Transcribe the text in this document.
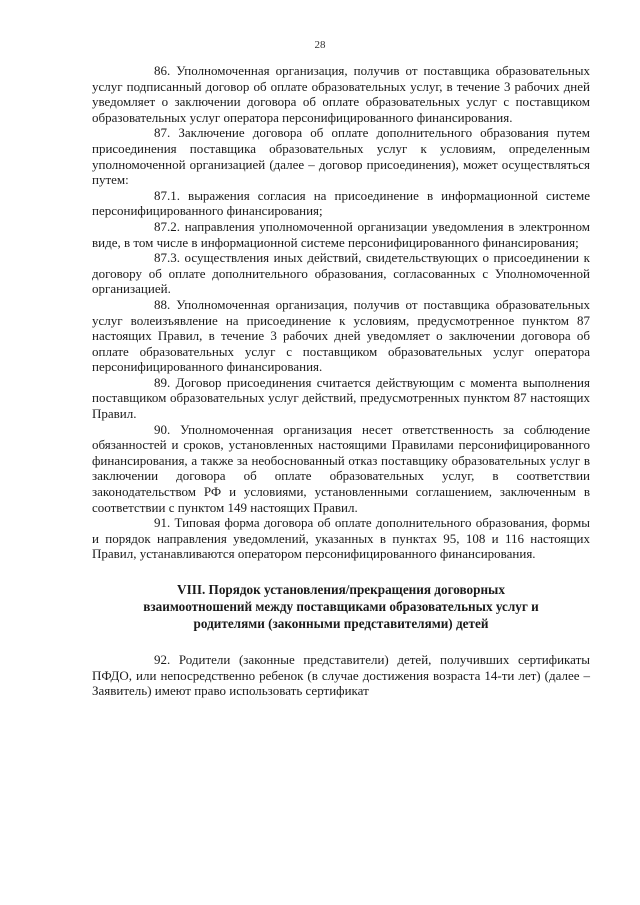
28

86. Уполномоченная организация, получив от поставщика образовательных услуг подписанный договор об оплате образовательных услуг, в течение 3 рабочих дней уведомляет о заключении договора об оплате образовательных услуг с поставщиком образовательных услуг оператора персонифицированного финансирования.

87. Заключение договора об оплате дополнительного образования путем присоединения поставщика образовательных услуг к условиям, определенным уполномоченной организацией (далее – договор присоединения), может осуществляться путем:

87.1. выражения согласия на присоединение в информационной системе персонифицированного финансирования;

87.2. направления уполномоченной организации уведомления в электронном виде, в том числе в информационной системе персонифицированного финансирования;

87.3. осуществления иных действий, свидетельствующих о присоединении к договору об оплате дополнительного образования, согласованных с Уполномоченной организацией.

88. Уполномоченная организация, получив от поставщика образовательных услуг волеизъявление на присоединение к условиям, предусмотренное пунктом 87 настоящих Правил, в течение 3 рабочих дней уведомляет о заключении договора об оплате образовательных услуг с поставщиком образовательных услуг оператора персонифицированного финансирования.

89. Договор присоединения считается действующим с момента выполнения поставщиком образовательных услуг действий, предусмотренных пунктом 87 настоящих Правил.

90. Уполномоченная организация несет ответственность за соблюдение обязанностей и сроков, установленных настоящими Правилами персонифицированного финансирования, а также за необоснованный отказ поставщику образовательных услуг в заключении договора об оплате образовательных услуг, в соответствии законодательством РФ и условиями, установленными соглашением, заключенным в соответствии с пунктом 149 настоящих Правил.

91. Типовая форма договора об оплате дополнительного образования, формы и порядок направления уведомлений, указанных в пунктах 95, 108 и 116 настоящих Правил, устанавливаются оператором персонифицированного финансирования.

VIII. Порядок установления/прекращения договорных
взаимоотношений между поставщиками образовательных услуг и
родителями (законными представителями) детей

92. Родители (законные представители) детей, получивших сертификаты ПФДО, или непосредственно ребенок (в случае достижения возраста 14-ти лет) (далее – Заявитель) имеют право использовать сертификат
